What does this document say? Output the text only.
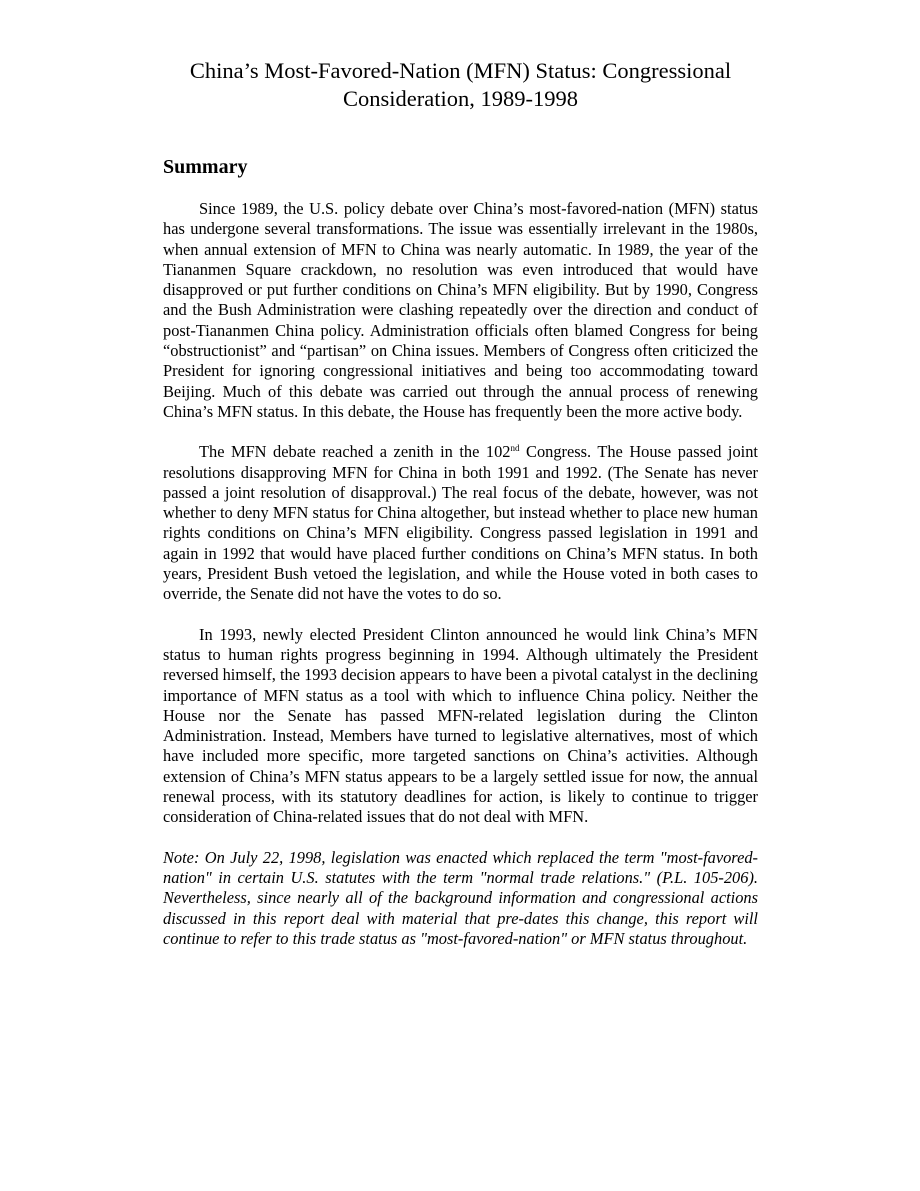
China’s Most-Favored-Nation (MFN) Status: Congressional
Consideration, 1989-1998
Summary

Since 1989, the U.S. policy debate over China’s most-favored-nation (MFN) status has undergone several transformations. The issue was essentially irrelevant in the 1980s, when annual extension of MFN to China was nearly automatic. In 1989, the year of the Tiananmen Square crackdown, no resolution was even introduced that would have disapproved or put further conditions on China’s MFN eligibility. But by 1990, Congress and the Bush Administration were clashing repeatedly over the direction and conduct of post-Tiananmen China policy. Administration officials often blamed Congress for being “obstructionist” and “partisan” on China issues. Members of Congress often criticized the President for ignoring congressional initiatives and being too accommodating toward Beijing. Much of this debate was carried out through the annual process of renewing China’s MFN status. In this debate, the House has frequently been the more active body.

The MFN debate reached a zenith in the 102nd Congress. The House passed joint resolutions disapproving MFN for China in both 1991 and 1992. (The Senate has never passed a joint resolution of disapproval.) The real focus of the debate, however, was not whether to deny MFN status for China altogether, but instead whether to place new human rights conditions on China’s MFN eligibility. Congress passed legislation in 1991 and again in 1992 that would have placed further conditions on China’s MFN status. In both years, President Bush vetoed the legislation, and while the House voted in both cases to override, the Senate did not have the votes to do so.

In 1993, newly elected President Clinton announced he would link China’s MFN status to human rights progress beginning in 1994. Although ultimately the President reversed himself, the 1993 decision appears to have been a pivotal catalyst in the declining importance of MFN status as a tool with which to influence China policy. Neither the House nor the Senate has passed MFN-related legislation during the Clinton Administration. Instead, Members have turned to legislative alternatives, most of which have included more specific, more targeted sanctions on China’s activities. Although extension of China’s MFN status appears to be a largely settled issue for now, the annual renewal process, with its statutory deadlines for action, is likely to continue to trigger consideration of China-related issues that do not deal with MFN.

Note: On July 22, 1998, legislation was enacted which replaced the term "most-favored-nation" in certain U.S. statutes with the term "normal trade relations." (P.L. 105-206). Nevertheless, since nearly all of the background information and congressional actions discussed in this report deal with material that pre-dates this change, this report will continue to refer to this trade status as "most-favored-nation" or MFN status throughout.
